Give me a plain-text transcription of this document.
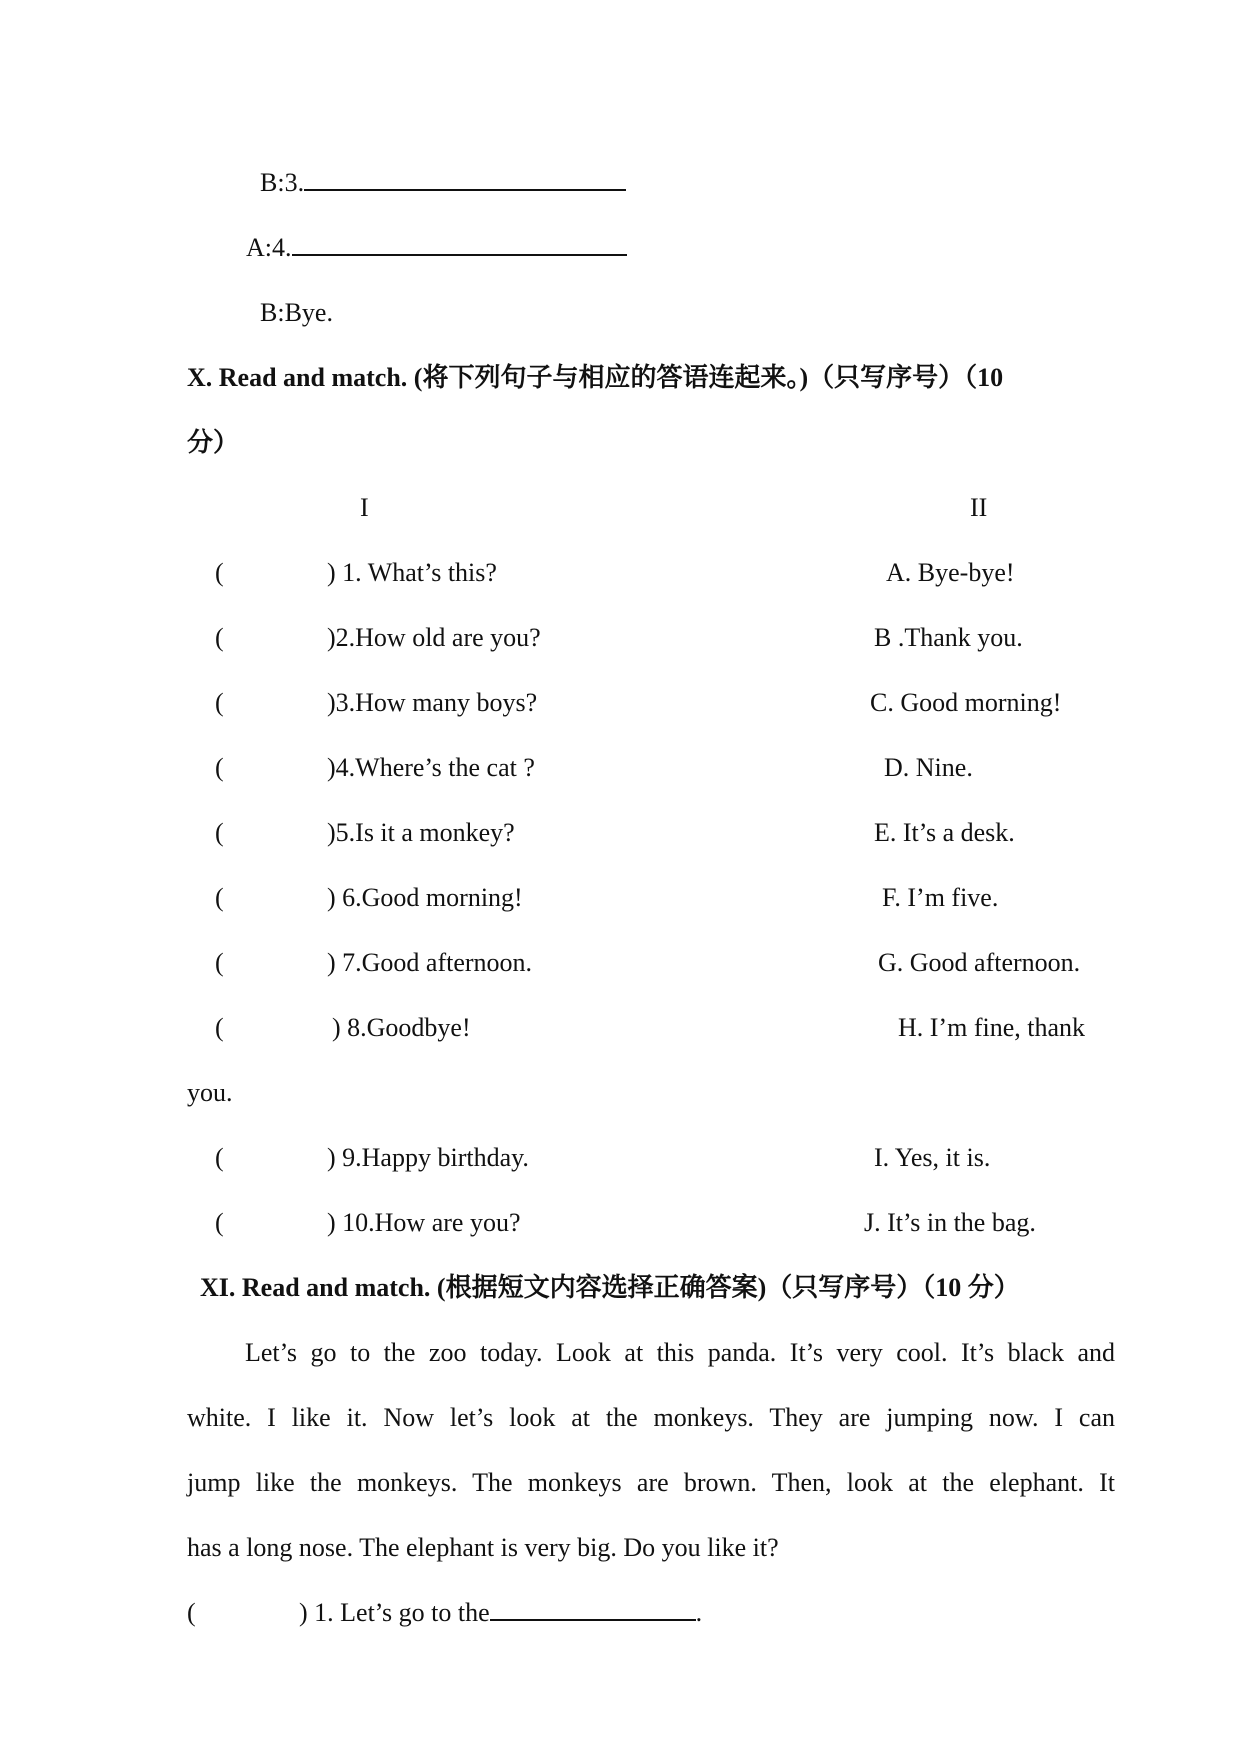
B:3.
A:4.
B:Bye.
X. Read and match. (将下列句子与相应的答语连起来。)（只写序号）（10
分）
I	II
(	) 1. What’s this?	A. Bye-bye!
(	)2.How old are you?	B .Thank you.
(	)3.How many boys?	C. Good morning!
(	)4.Where’s the cat ?	D. Nine.
(	)5.Is it a monkey?	E. It’s a desk.
(	) 6.Good morning!	F. I’m five.
(	) 7.Good afternoon.	G. Good afternoon.
(	) 8.Goodbye!	H. I’m fine, thank
you.
(	) 9.Happy birthday.	I. Yes, it is.
(	) 10.How are you?	J. It’s in the bag.
XI. Read and match. (根据短文内容选择正确答案)（只写序号）（10 分）
Let’s go to the zoo today. Look at this panda. It’s very cool. It’s black and
white. I like it. Now let’s look at the monkeys. They are jumping now. I can
jump like the monkeys. The monkeys are brown. Then, look at the elephant. It
has a long nose. The elephant is very big. Do you like it?
(	) 1. Let’s go to the	.
